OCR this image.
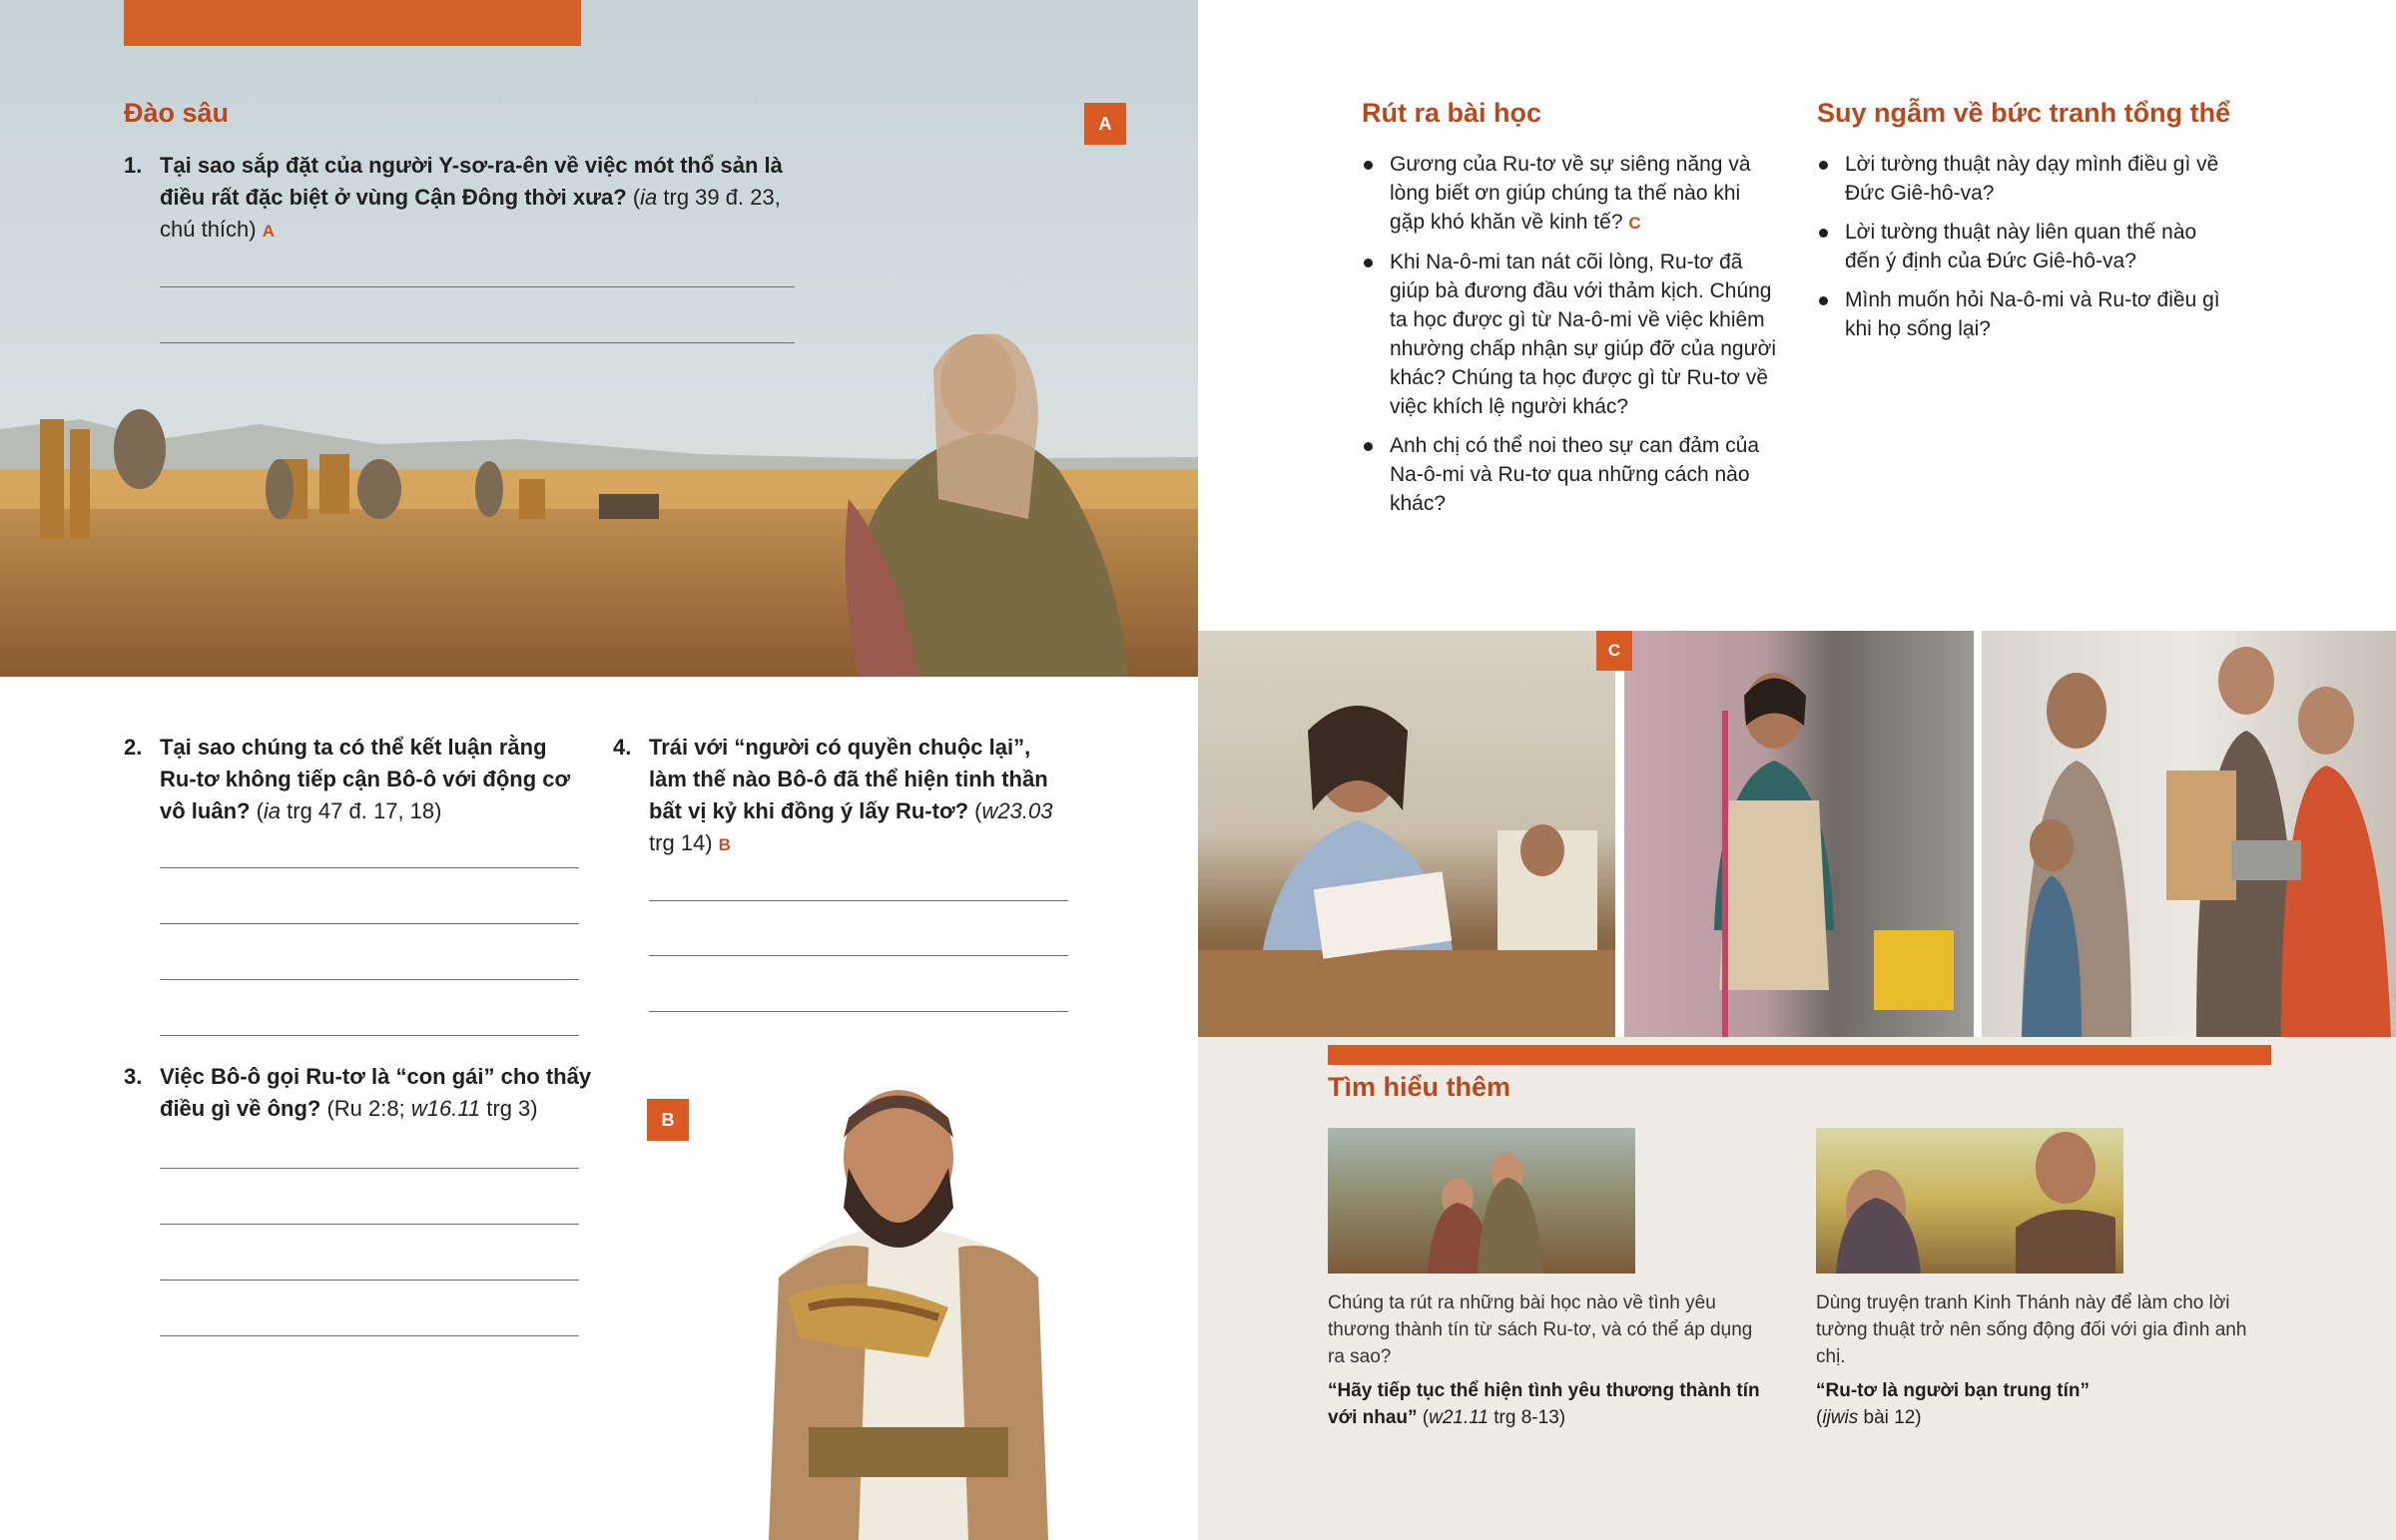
Đào sâu	A
1. Tại sao sắp đặt của người Y-sơ-ra-ên về việc mót thổ sản là
điều rất đặc biệt ở vùng Cận Đông thời xưa? (ia trg 39 đ. 23,
chú thích) A
2. Tại sao chúng ta có thể kết luận rằng
Ru-tơ không tiếp cận Bô-ô với động cơ
vô luân? (ia trg 47 đ. 17, 18)
4. Trái với “người có quyền chuộc lại”,
làm thế nào Bô-ô đã thể hiện tinh thần
bất vị kỷ khi đồng ý lấy Ru-tơ? (w23.03
trg 14) B
3. Việc Bô-ô gọi Ru-tơ là “con gái” cho thấy
điều gì về ông? (Ru 2:8; w16.11 trg 3)	B
Rút ra bài học
Gương của Ru-tơ về sự siêng năng và lòng biết ơn giúp chúng ta thế nào khi gặp khó khăn về kinh tế? C
Khi Na-ô-mi tan nát cõi lòng, Ru-tơ đã giúp bà đương đầu với thảm kịch. Chúng ta học được gì từ Na-ô-mi về việc khiêm nhường chấp nhận sự giúp đỡ của người khác? Chúng ta học được gì từ Ru-tơ về việc khích lệ người khác?
Anh chị có thể noi theo sự can đảm của Na-ô-mi và Ru-tơ qua những cách nào khác?
Suy ngẫm về bức tranh tổng thể
Lời tường thuật này dạy mình điều gì về Đức Giê-hô-va?
Lời tường thuật này liên quan thế nào đến ý định của Đức Giê-hô-va?
Mình muốn hỏi Na-ô-mi và Ru-tơ điều gì khi họ sống lại?
C
Tìm hiểu thêm
Chúng ta rút ra những bài học nào về tình yêu thương thành tín từ sách Ru-tơ, và có thể áp dụng ra sao?
“Hãy tiếp tục thể hiện tình yêu thương thành tín với nhau” (w21.11 trg 8-13)
Dùng truyện tranh Kinh Thánh này để làm cho lời tường thuật trở nên sống động đối với gia đình anh chị.
“Ru-tơ là người bạn trung tín”
(ijwis bài 12)
